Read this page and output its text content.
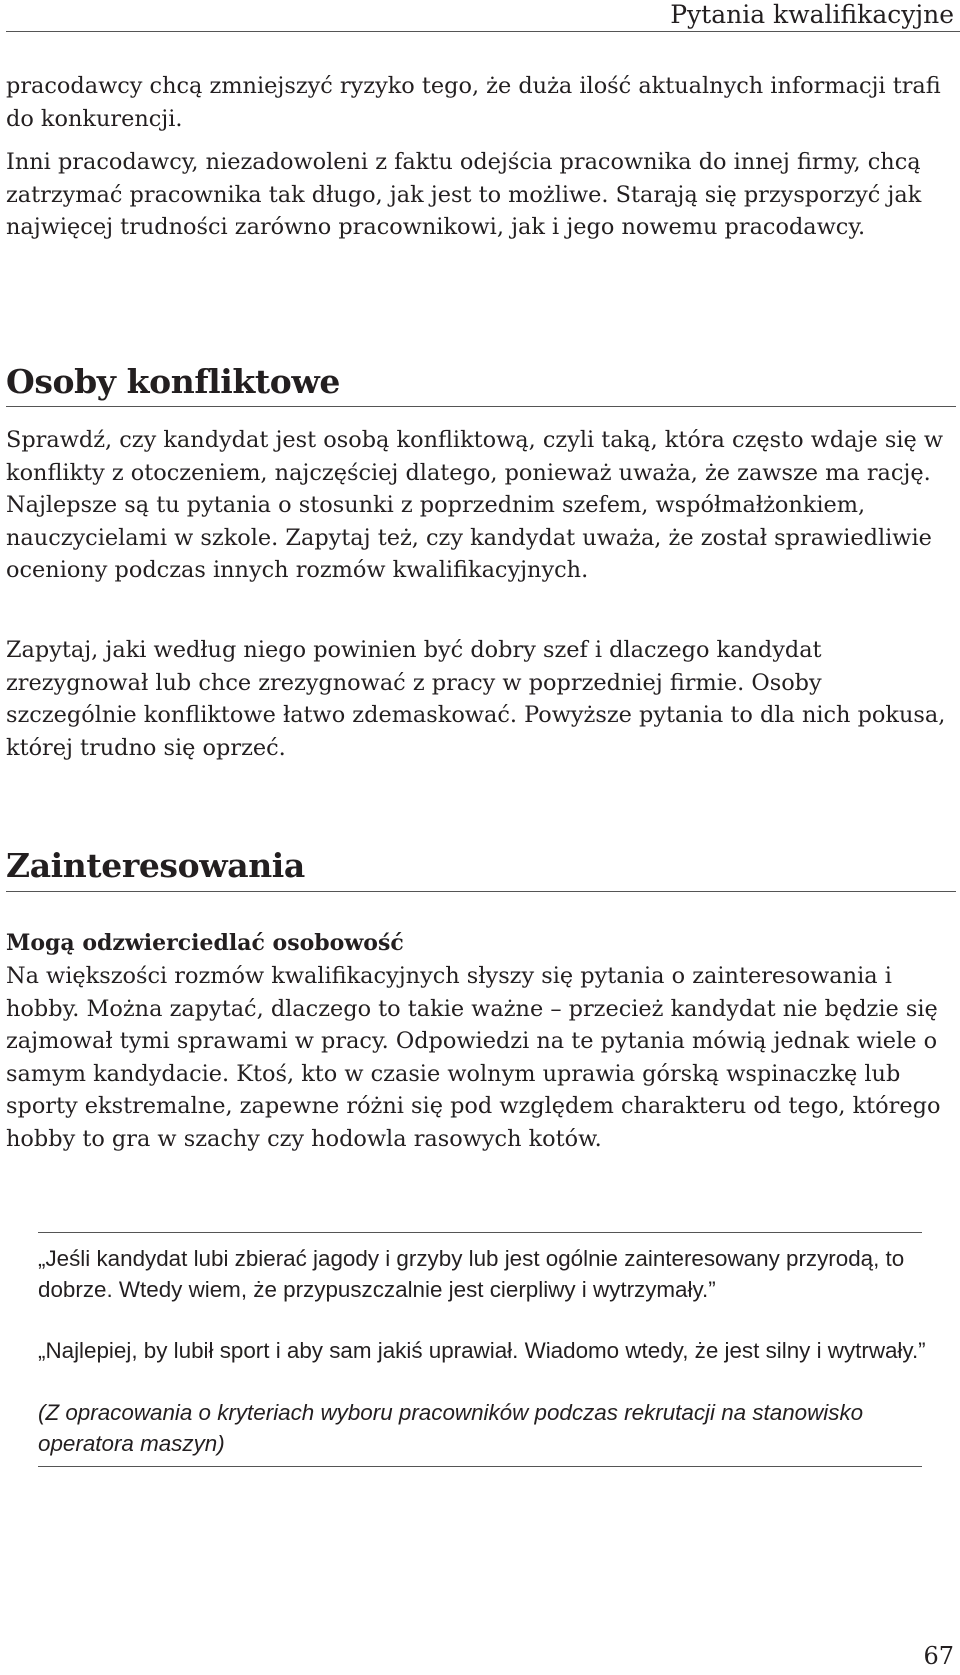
Pytania kwalifikacyjne

pracodawcy chcą zmniejszyć ryzyko tego, że duża ilość aktualnych informacji trafi do konkurencji.

Inni pracodawcy, niezadowoleni z faktu odejścia pracownika do innej firmy, chcą zatrzymać pracownika tak długo, jak jest to możliwe. Starają się przysporzyć jak najwięcej trudności zarówno pracownikowi, jak i jego nowemu pracodawcy.

Osoby konfliktowe

Sprawdź, czy kandydat jest osobą konfliktową, czyli taką, która często wdaje się w konflikty z otoczeniem, najczęściej dlatego, ponieważ uważa, że zawsze ma rację. Najlepsze są tu pytania o stosunki z poprzednim szefem, współmałżonkiem, nauczycielami w szkole. Zapytaj też, czy kandydat uważa, że został sprawiedliwie oceniony podczas innych rozmów kwalifikacyjnych.

Zapytaj, jaki według niego powinien być dobry szef i dlaczego kandydat zrezygnował lub chce zrezygnować z pracy w poprzedniej firmie. Osoby szczególnie konfliktowe łatwo zdemaskować. Powyższe pytania to dla nich pokusa, której trudno się oprzeć.

Zainteresowania
Mogą odzwierciedlać osobowość

Na większości rozmów kwalifikacyjnych słyszy się pytania o zainteresowania i hobby. Można zapytać, dlaczego to takie ważne – przecież kandydat nie będzie się zajmował tymi sprawami w pracy. Odpowiedzi na te pytania mówią jednak wiele o samym kandydacie. Ktoś, kto w czasie wolnym uprawia górską wspinaczkę lub sporty ekstremalne, zapewne różni się pod względem charakteru od tego, którego hobby to gra w szachy czy hodowla rasowych kotów.

„Jeśli kandydat lubi zbierać jagody i grzyby lub jest ogólnie zainteresowany przyrodą, to dobrze. Wtedy wiem, że przypuszczalnie jest cierpliwy i wytrzymały.”

„Najlepiej, by lubił sport i aby sam jakiś uprawiał. Wiadomo wtedy, że jest silny i wytrwały.”

(Z opracowania o kryteriach wyboru pracowników podczas rekrutacji na stanowisko operatora maszyn)

67
